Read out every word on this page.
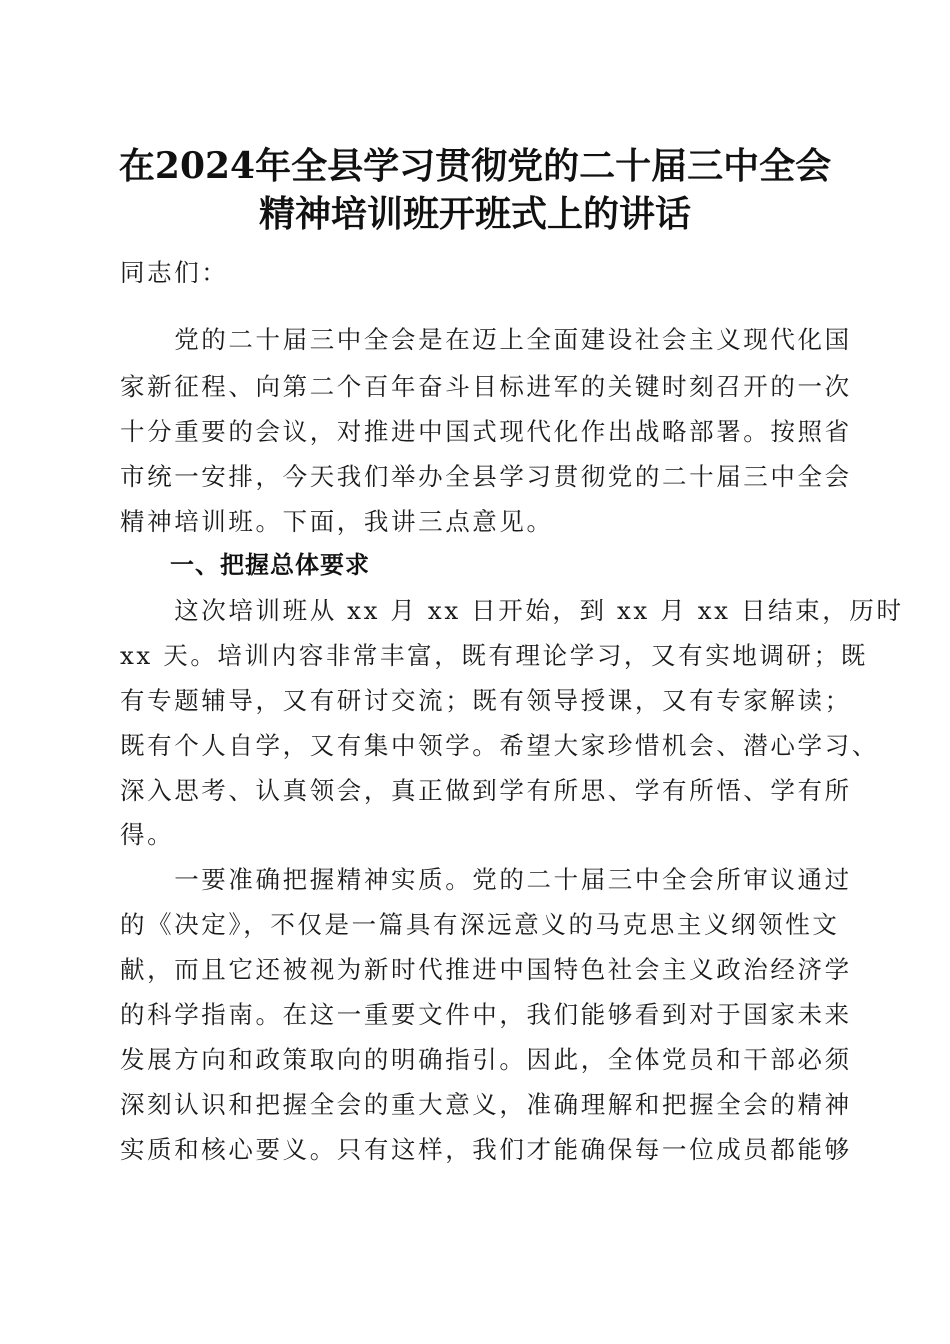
在2024年全县学习贯彻党的二十届三中全会
精神培训班开班式上的讲话
同志们：
　　党的二十届三中全会是在迈上全面建设社会主义现代化国
家新征程、向第二个百年奋斗目标进军的关键时刻召开的一次
十分重要的会议，对推进中国式现代化作出战略部署。按照省
市统一安排，今天我们举办全县学习贯彻党的二十届三中全会
精神培训班。下面，我讲三点意见。
一、把握总体要求
　　这次培训班从 xx 月 xx 日开始，到 xx 月 xx 日结束，历时
xx 天。培训内容非常丰富，既有理论学习，又有实地调研；既
有专题辅导，又有研讨交流；既有领导授课，又有专家解读；
既有个人自学，又有集中领学。希望大家珍惜机会、潜心学习、
深入思考、认真领会，真正做到学有所思、学有所悟、学有所
得。
　　一要准确把握精神实质。党的二十届三中全会所审议通过
的《决定》，不仅是一篇具有深远意义的马克思主义纲领性文
献，而且它还被视为新时代推进中国特色社会主义政治经济学
的科学指南。在这一重要文件中，我们能够看到对于国家未来
发展方向和政策取向的明确指引。因此，全体党员和干部必须
深刻认识和把握全会的重大意义，准确理解和把握全会的精神
实质和核心要义。只有这样，我们才能确保每一位成员都能够
